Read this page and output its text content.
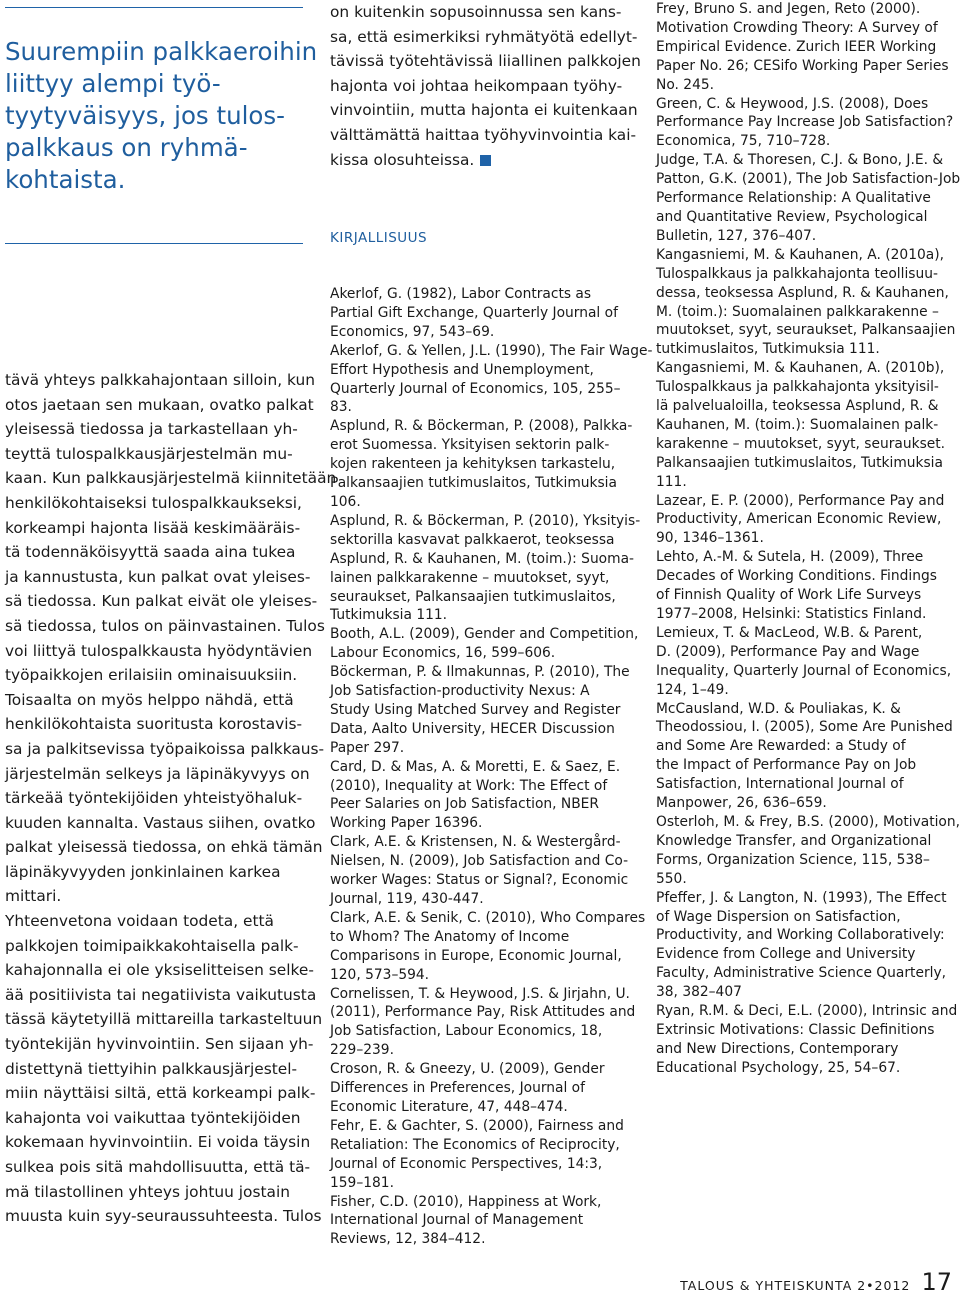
Suurempiin palkkaeroihin
liittyy alempi työ-
tyytyväisyys, jos tulos-
palkkaus on ryhmä-
kohtaista.
tävä yhteys palkkahajontaan silloin, kun
otos jaetaan sen mukaan, ovatko palkat
yleisessä tiedossa ja tarkastellaan yh-
teyttä tulospalkkausjärjestelmän mu-
kaan. Kun palkkausjärjestelmä kiinnitetään
henkilökohtaiseksi tulospalkkaukseksi,
korkeampi hajonta lisää keskimääräis-
tä todennäköisyyttä saada aina tukea
ja kannustusta, kun palkat ovat yleises-
sä tiedossa. Kun palkat eivät ole yleises-
sä tiedossa, tulos on päinvastainen. Tulos
voi liittyä tulospalkkausta hyödyntävien
työpaikkojen erilaisiin ominaisuuksiin.
Toisaalta on myös helppo nähdä, että
henkilökohtaista suoritusta korostavis-
sa ja palkitsevissa työpaikoissa palkkaus-
järjestelmän selkeys ja läpinäkyvyys on
tärkeää työntekijöiden yhteistyöhaluk-
kuuden kannalta. Vastaus siihen, ovatko
palkat yleisessä tiedossa, on ehkä tämän
läpinäkyvyyden jonkinlainen karkea
mittari.
Yhteenvetona voidaan todeta, että
palkkojen toimipaikkakohtaisella palk-
kahajonnalla ei ole yksiselitteisen selke-
ää positiivista tai negatiivista vaikutusta
tässä käytetyillä mittareilla tarkasteltuun
työntekijän hyvinvointiin. Sen sijaan yh-
distettynä tiettyihin palkkausjärjestel-
miin näyttäisi siltä, että korkeampi palk-
kahajonta voi vaikuttaa työntekijöiden
kokemaan hyvinvointiin. Ei voida täysin
sulkea pois sitä mahdollisuutta, että tä-
mä tilastollinen yhteys johtuu jostain
muusta kuin syy-seuraussuhteesta. Tulos
on kuitenkin sopusoinnussa sen kans-
sa, että esimerkiksi ryhmätyötä edellyt-
tävissä työtehtävissä liiallinen palkkojen
hajonta voi johtaa heikompaan työhy-
vinvointiin, mutta hajonta ei kuitenkaan
välttämättä haittaa työhyvinvointia kai-
kissa olosuhteissa.
KIRJALLISUUS
Akerlof, G. (1982), Labor Contracts as
Partial Gift Exchange, Quarterly Journal of
Economics, 97, 543–69.
Akerlof, G. & Yellen, J.L. (1990), The Fair Wage-
Effort Hypothesis and Unemployment,
Quarterly Journal of Economics, 105, 255–
83.
Asplund, R. & Böckerman, P. (2008), Palkka-
erot Suomessa. Yksityisen sektorin palk-
kojen rakenteen ja kehityksen tarkastelu,
Palkansaajien tutkimuslaitos, Tutkimuksia
106.
Asplund, R. & Böckerman, P. (2010), Yksityis-
sektorilla kasvavat palkkaerot, teoksessa
Asplund, R. & Kauhanen, M. (toim.): Suoma-
lainen palkkarakenne – muutokset, syyt,
seuraukset, Palkansaajien tutkimuslaitos,
Tutkimuksia 111.
Booth, A.L. (2009), Gender and Competition,
Labour Economics, 16, 599–606.
Böckerman, P. & Ilmakunnas, P. (2010), The
Job Satisfaction-productivity Nexus: A
Study Using Matched Survey and Register
Data, Aalto University, HECER Discussion
Paper 297.
Card, D. & Mas, A. & Moretti, E. & Saez, E.
(2010), Inequality at Work: The Effect of
Peer Salaries on Job Satisfaction, NBER
Working Paper 16396.
Clark, A.E. & Kristensen, N. & Westergård-
Nielsen, N. (2009), Job Satisfaction and Co-
worker Wages: Status or Signal?, Economic
Journal, 119, 430-447.
Clark, A.E. & Senik, C. (2010), Who Compares
to Whom? The Anatomy of Income
Comparisons in Europe, Economic Journal,
120, 573–594.
Cornelissen, T. & Heywood, J.S. & Jirjahn, U.
(2011), Performance Pay, Risk Attitudes and
Job Satisfaction, Labour Economics, 18,
229–239.
Croson, R. & Gneezy, U. (2009), Gender
Differences in Preferences, Journal of
Economic Literature, 47, 448–474.
Fehr, E. & Gachter, S. (2000), Fairness and
Retaliation: The Economics of Reciprocity,
Journal of Economic Perspectives, 14:3,
159–181.
Fisher, C.D. (2010), Happiness at Work,
International Journal of Management
Reviews, 12, 384–412.
Frey, Bruno S. and Jegen, Reto (2000).
Motivation Crowding Theory: A Survey of
Empirical Evidence. Zurich IEER Working
Paper No. 26; CESifo Working Paper Series
No. 245.
Green, C. & Heywood, J.S. (2008), Does
Performance Pay Increase Job Satisfaction?
Economica, 75, 710–728.
Judge, T.A. & Thoresen, C.J. & Bono, J.E. &
Patton, G.K. (2001), The Job Satisfaction-Job
Performance Relationship: A Qualitative
and Quantitative Review, Psychological
Bulletin, 127, 376–407.
Kangasniemi, M. & Kauhanen, A. (2010a),
Tulospalkkaus ja palkkahajonta teollisuu-
dessa, teoksessa Asplund, R. & Kauhanen,
M. (toim.): Suomalainen palkkarakenne –
muutokset, syyt, seuraukset, Palkansaajien
tutkimuslaitos, Tutkimuksia 111.
Kangasniemi, M. & Kauhanen, A. (2010b),
Tulospalkkaus ja palkkahajonta yksityisil-
lä palvelualoilla, teoksessa Asplund, R. &
Kauhanen, M. (toim.): Suomalainen palk-
karakenne – muutokset, syyt, seuraukset.
Palkansaajien tutkimuslaitos, Tutkimuksia
111.
Lazear, E. P. (2000), Performance Pay and
Productivity, American Economic Review,
90, 1346–1361.
Lehto, A.-M. & Sutela, H. (2009), Three
Decades of Working Conditions. Findings
of Finnish Quality of Work Life Surveys
1977–2008, Helsinki: Statistics Finland.
Lemieux, T. & MacLeod, W.B. & Parent,
D. (2009), Performance Pay and Wage
Inequality, Quarterly Journal of Economics,
124, 1–49.
McCausland, W.D. & Pouliakas, K. &
Theodossiou, I. (2005), Some Are Punished
and Some Are Rewarded: a Study of
the Impact of Performance Pay on Job
Satisfaction, International Journal of
Manpower, 26, 636–659.
Osterloh, M. & Frey, B.S. (2000), Motivation,
Knowledge Transfer, and Organizational
Forms, Organization Science, 115, 538–
550.
Pfeffer, J. & Langton, N. (1993), The Effect
of Wage Dispersion on Satisfaction,
Productivity, and Working Collaboratively:
Evidence from College and University
Faculty, Administrative Science Quarterly,
38, 382–407
Ryan, R.M. & Deci, E.L. (2000), Intrinsic and
Extrinsic Motivations: Classic Definitions
and New Directions, Contemporary
Educational Psychology, 25, 54–67.
TALOUS & YHTEISKUNTA 2•2012 17
